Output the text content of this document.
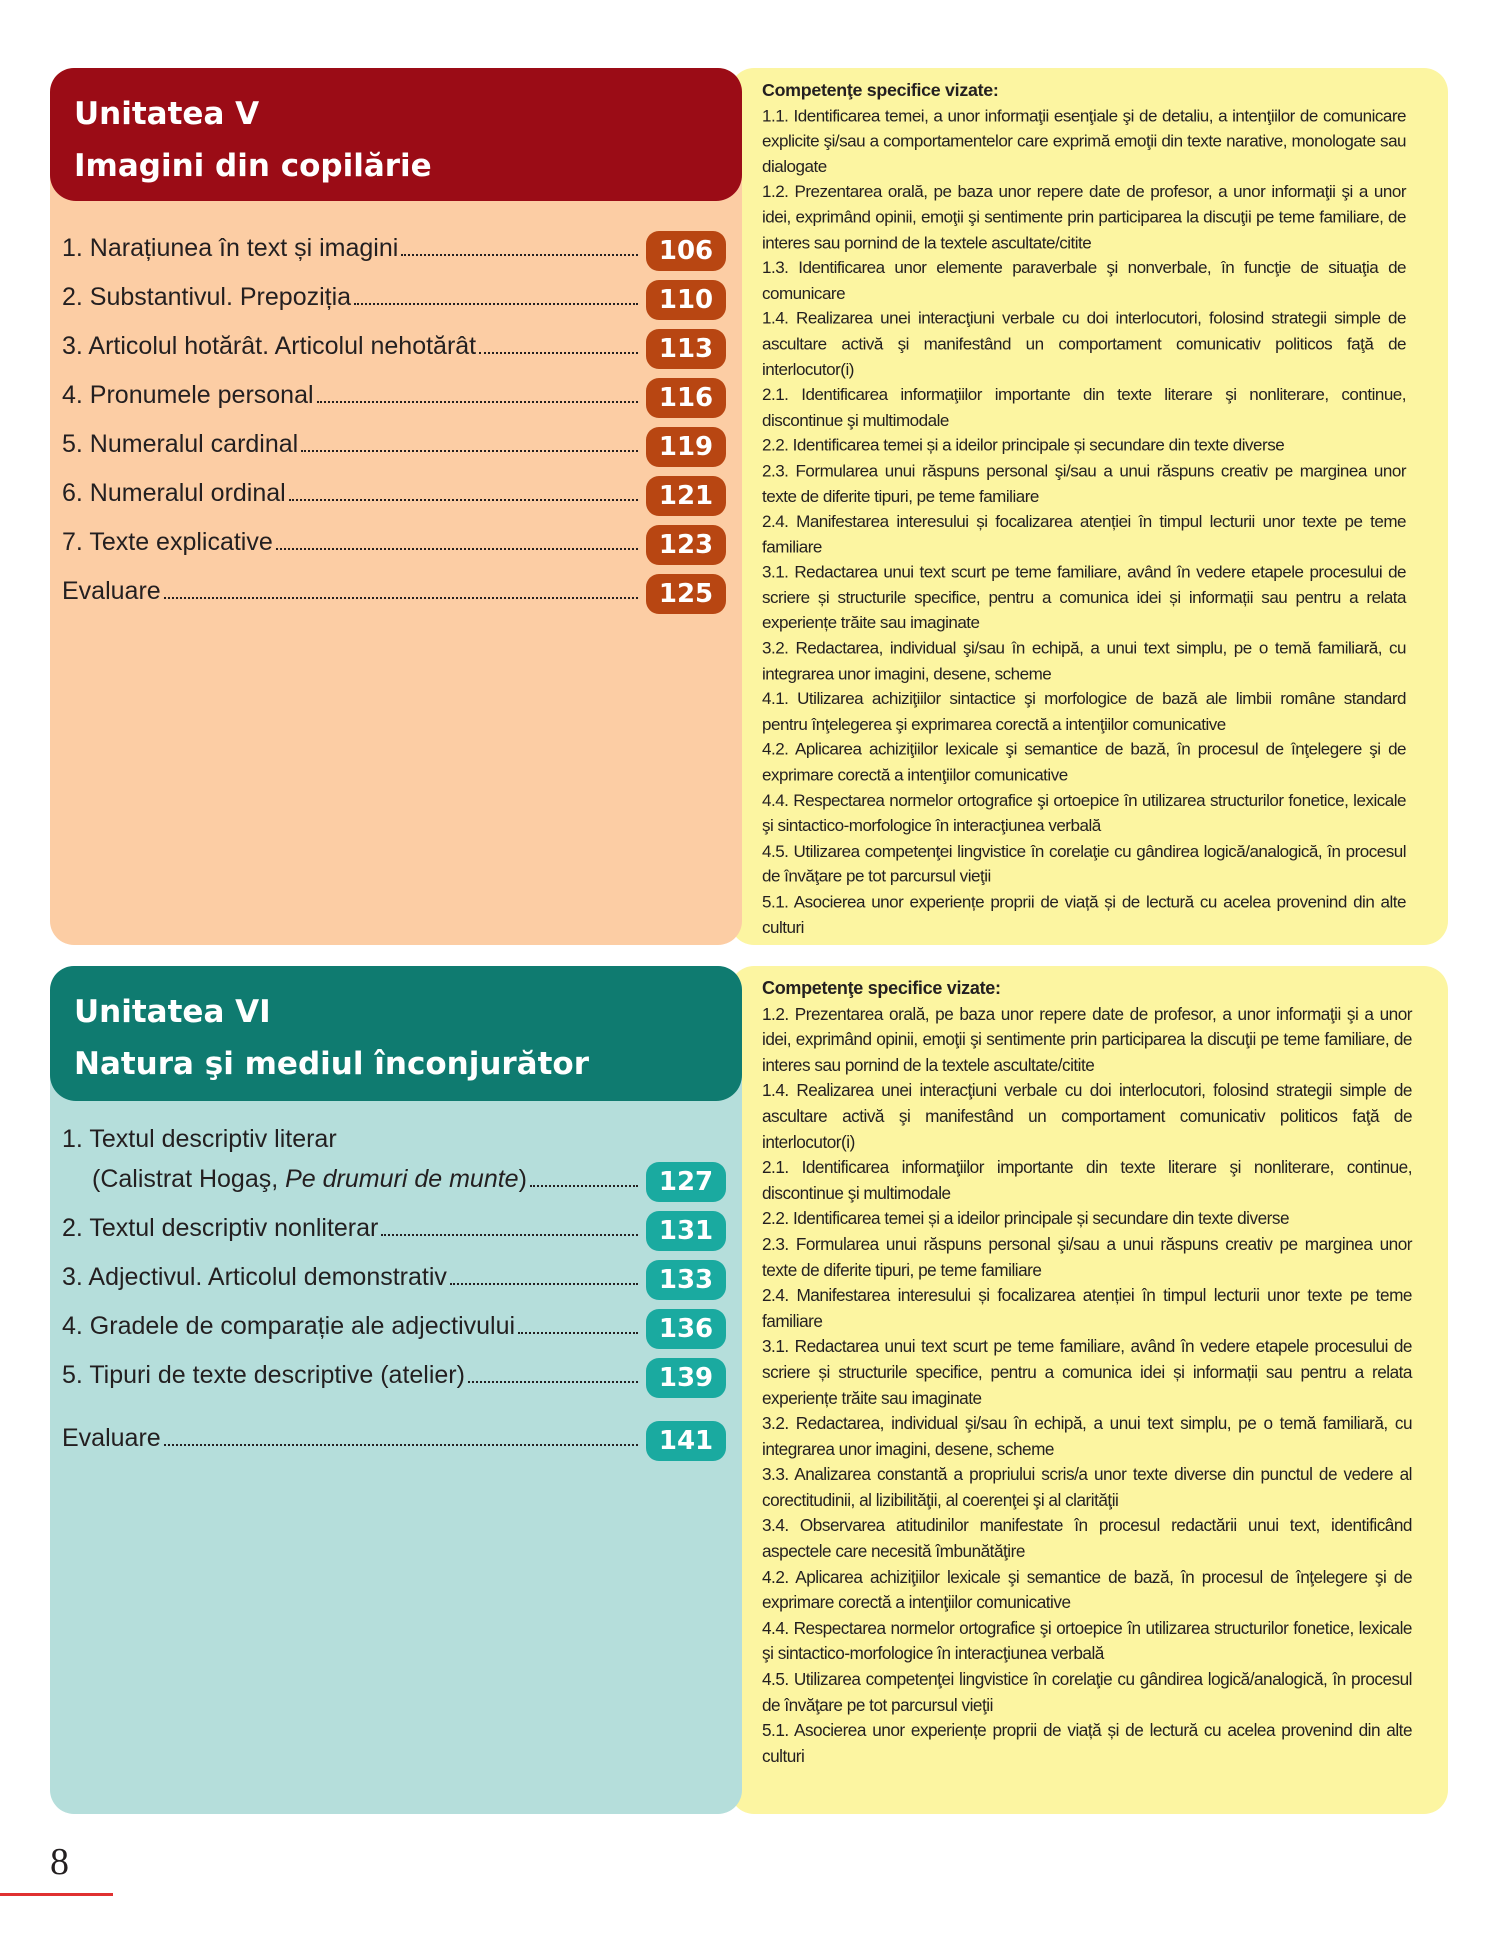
Unitatea V
Imagini din copilărie
1. Narațiunea în text și imagini	106
2. Substantivul. Prepoziția	110
3. Articolul hotărât. Articolul nehotărât	113
4. Pronumele personal	116
5. Numeralul cardinal	119
6. Numeralul ordinal	121
7. Texte explicative	123
Evaluare	125
Competenţe specifice vizate:
1.1. Identificarea temei, a unor informaţii esenţiale şi de detaliu, a intenţiilor de comunicare explicite şi/sau a comportamentelor care exprimă emoţii din texte narative, monologate sau dialogate
1.2. Prezentarea orală, pe baza unor repere date de profesor, a unor informaţii şi a unor idei, exprimând opinii, emoţii şi sentimente prin participarea la discuţii pe teme familiare, de interes sau pornind de la textele ascultate/citite
1.3. Identificarea unor elemente paraverbale şi nonverbale, în funcţie de situaţia de comunicare
1.4. Realizarea unei interacţiuni verbale cu doi interlocutori, folosind strategii simple de ascultare activă şi manifestând un comportament comunicativ politicos faţă de interlocutor(i)
2.1. Identificarea informaţiilor importante din texte literare şi nonliterare, continue, discontinue şi multimodale
2.2. Identificarea temei și a ideilor principale și secundare din texte diverse
2.3. Formularea unui răspuns personal şi/sau a unui răspuns creativ pe marginea unor texte de diferite tipuri, pe teme familiare
2.4. Manifestarea interesului și focalizarea atenției în timpul lecturii unor texte pe teme familiare
3.1. Redactarea unui text scurt pe teme familiare, având în vedere etapele procesului de scriere și structurile specifice, pentru a comunica idei și informații sau pentru a relata experiențe trăite sau imaginate
3.2. Redactarea, individual şi/sau în echipă, a unui text simplu, pe o temă familiară, cu integrarea unor imagini, desene, scheme
4.1. Utilizarea achiziţiilor sintactice şi morfologice de bază ale limbii române standard pentru înţelegerea şi exprimarea corectă a intenţiilor comunicative
4.2. Aplicarea achiziţiilor lexicale şi semantice de bază, în procesul de înţelegere şi de exprimare corectă a intenţiilor comunicative
4.4. Respectarea normelor ortografice şi ortoepice în utilizarea structurilor fonetice, lexicale şi sintactico-morfologice în interacţiunea verbală
4.5. Utilizarea competenţei lingvistice în corelaţie cu gândirea logică/analogică, în procesul de învăţare pe tot parcursul vieţii
5.1. Asocierea unor experiențe proprii de viață și de lectură cu acelea provenind din alte culturi
Unitatea VI
Natura şi mediul înconjurător
1. Textul descriptiv literar
(Calistrat Hogaş, Pe drumuri de munte)	127
2. Textul descriptiv nonliterar	131
3. Adjectivul. Articolul demonstrativ	133
4. Gradele de comparație ale adjectivului	136
5. Tipuri de texte descriptive (atelier)	139
Evaluare	141
Competenţe specifice vizate:
1.2. Prezentarea orală, pe baza unor repere date de profesor, a unor informaţii şi a unor idei, exprimând opinii, emoţii şi sentimente prin participarea la discuţii pe teme familiare, de interes sau pornind de la textele ascultate/citite
1.4. Realizarea unei interacţiuni verbale cu doi interlocutori, folosind strategii simple de ascultare activă şi manifestând un comportament comunicativ politicos faţă de interlocutor(i)
2.1. Identificarea informaţiilor importante din texte literare şi nonliterare, continue, discontinue şi multimodale
2.2. Identificarea temei și a ideilor principale și secundare din texte diverse
2.3. Formularea unui răspuns personal şi/sau a unui răspuns creativ pe marginea unor texte de diferite tipuri, pe teme familiare
2.4. Manifestarea interesului și focalizarea atenției în timpul lecturii unor texte pe teme familiare
3.1. Redactarea unui text scurt pe teme familiare, având în vedere etapele procesului de scriere și structurile specifice, pentru a comunica idei și informații sau pentru a relata experiențe trăite sau imaginate
3.2. Redactarea, individual şi/sau în echipă, a unui text simplu, pe o temă familiară, cu integrarea unor imagini, desene, scheme
3.3. Analizarea constantă a propriului scris/a unor texte diverse din punctul de vedere al corectitudinii, al lizibilităţii, al coerenţei şi al clarităţii
3.4. Observarea atitudinilor manifestate în procesul redactării unui text, identificând aspectele care necesită îmbunătăţire
4.2. Aplicarea achiziţiilor lexicale şi semantice de bază, în procesul de înţelegere şi de exprimare corectă a intenţiilor comunicative
4.4. Respectarea normelor ortografice şi ortoepice în utilizarea structurilor fonetice, lexicale şi sintactico-morfologice în interacţiunea verbală
4.5. Utilizarea competenţei lingvistice în corelaţie cu gândirea logică/analogică, în procesul de învăţare pe tot parcursul vieţii
5.1. Asocierea unor experiențe proprii de viață și de lectură cu acelea provenind din alte culturi
8
